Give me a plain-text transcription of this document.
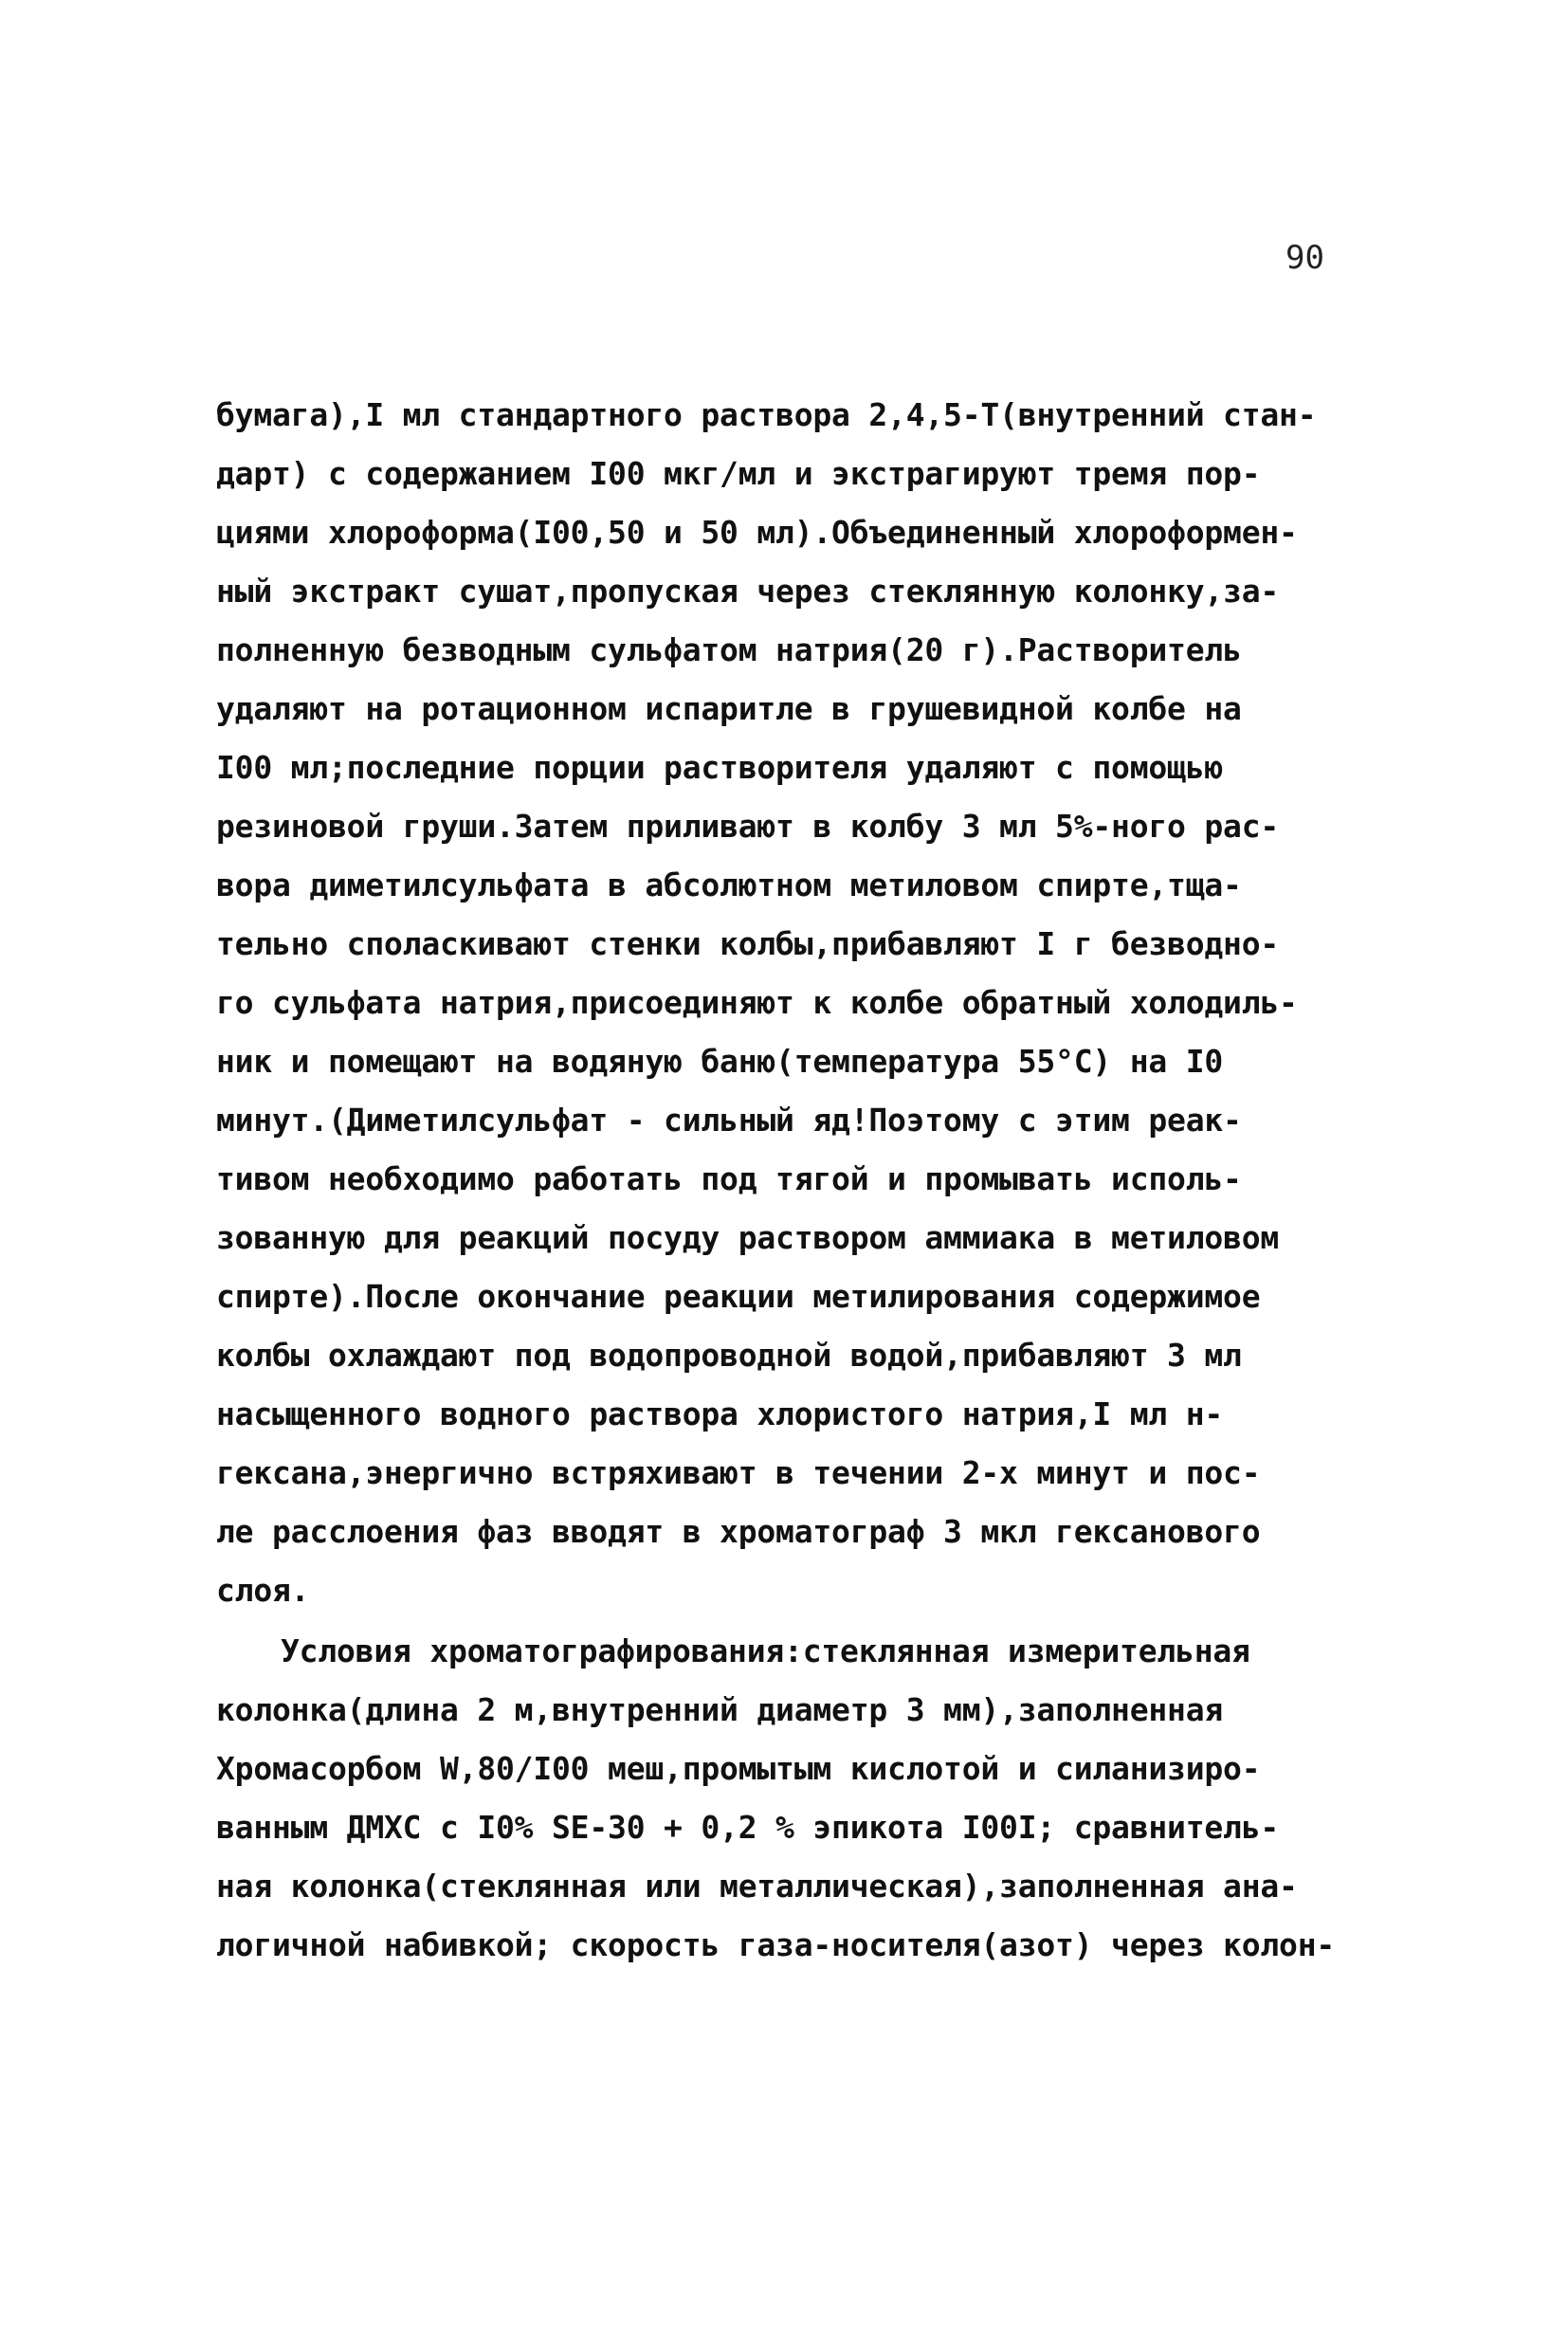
90
бумага),I мл стандартного раствора 2,4,5-Т(внутренний стан-
дарт) с содержанием I00 мкг/мл и экстрагируют тремя пор-
циями хлороформа(I00,50 и 50 мл).Объединенный хлороформен-
ный экстракт сушат,пропуская через стеклянную колонку,за-
полненную безводным сульфатом натрия(20 г).Растворитель
удаляют на ротационном испаритле в грушевидной колбе на
I00 мл;последние порции растворителя удаляют с помощью
резиновой груши.Затем приливают в колбу 3 мл 5%-ного рас-
вора диметилсульфата в абсолютном метиловом спирте,тща-
тельно споласкивают стенки колбы,прибавляют I г безводно-
го сульфата натрия,присоединяют к колбе обратный холодиль-
ник и помещают на водяную баню(температура 55°С) на I0
минут.(Диметилсульфат - сильный яд!Поэтому с этим реак-
тивом необходимо работать под тягой и промывать исполь-
зованную для реакций посуду раствором аммиака в метиловом
спирте).После окончание реакции метилирования содержимое
колбы охлаждают под водопроводной водой,прибавляют 3 мл
насыщенного водного раствора хлористого натрия,I мл н-
гексана,энергично встряхивают в течении 2-х минут и пос-
ле расслоения фаз вводят в хроматограф 3 мкл гексанового
слоя.
Условия хроматографирования:стеклянная измерительная
колонка(длина 2 м,внутренний диаметр 3 мм),заполненная
Хромасорбом W,80/I00 меш,промытым кислотой и силанизиро-
ванным ДМХС с I0% SE-30 + 0,2 % эпикота I00I; сравнитель-
ная колонка(стеклянная или металлическая),заполненная ана-
логичной набивкой; скорость газа-носителя(азот) через колон-
